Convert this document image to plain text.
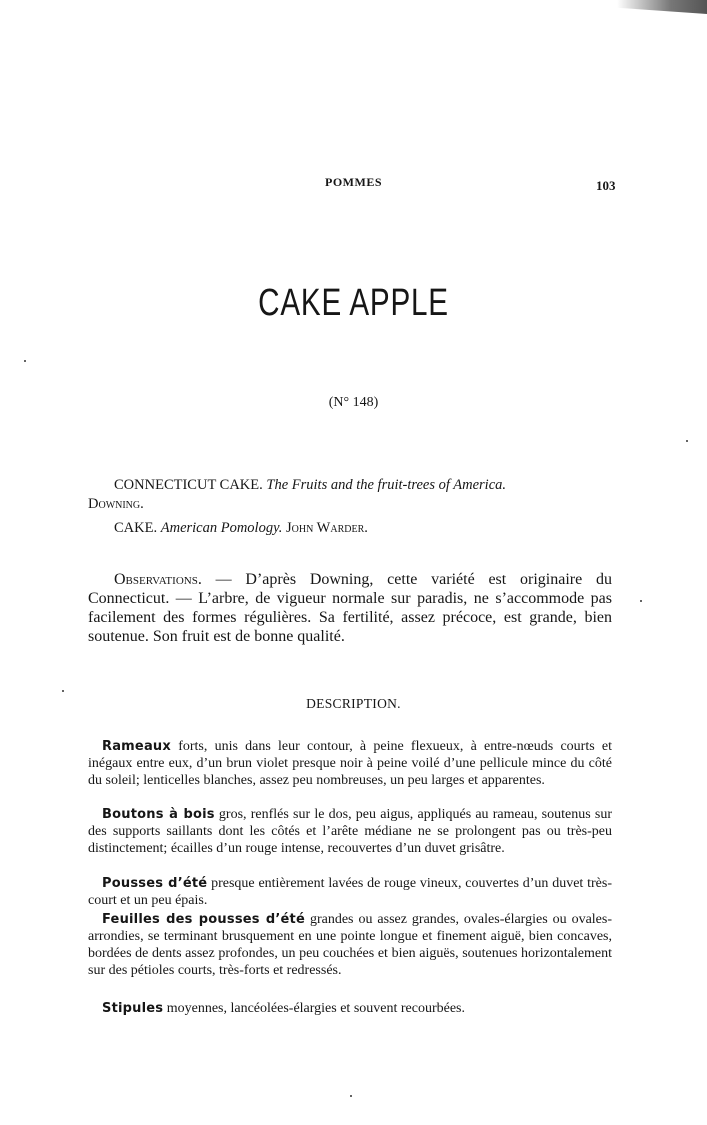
POMMES	103
CAKE APPLE
(N° 148)
CONNECTICUT CAKE. The Fruits and the fruit-trees of America.
Downing.
CAKE. American Pomology. John Warder.
Observations. — D’après Downing, cette variété est originaire du Connecticut. — L’arbre, de vigueur normale sur paradis, ne s’accommode pas facilement des formes régulières. Sa fertilité, assez précoce, est grande, bien soutenue. Son fruit est de bonne qualité.
DESCRIPTION.
Rameaux forts, unis dans leur contour, à peine flexueux, à entre-nœuds courts et inégaux entre eux, d’un brun violet presque noir à peine voilé d’une pellicule mince du côté du soleil; lenticelles blanches, assez peu nombreuses, un peu larges et apparentes.
Boutons à bois gros, renflés sur le dos, peu aigus, appliqués au rameau, soutenus sur des supports saillants dont les côtés et l’arête médiane ne se prolongent pas ou très-peu distinctement; écailles d’un rouge intense, recouvertes d’un duvet grisâtre.
Pousses d’été presque entièrement lavées de rouge vineux, couvertes d’un duvet très-court et un peu épais.
Feuilles des pousses d’été grandes ou assez grandes, ovales-élargies ou ovales-arrondies, se terminant brusquement en une pointe longue et finement aiguë, bien concaves, bordées de dents assez profondes, un peu couchées et bien aiguës, soutenues horizontalement sur des pétioles courts, très-forts et redressés.
Stipules moyennes, lancéolées-élargies et souvent recourbées.
